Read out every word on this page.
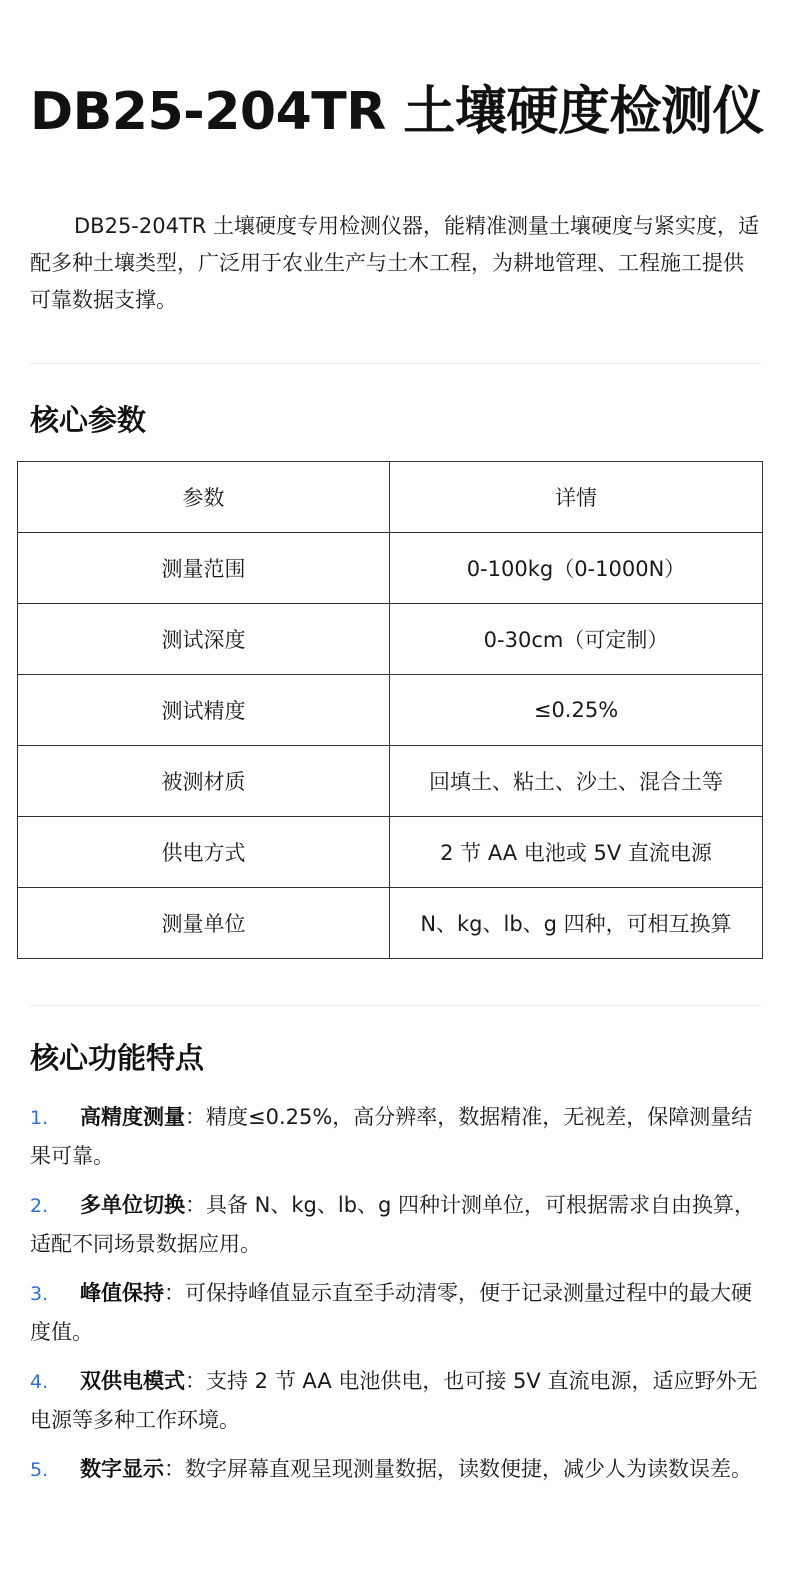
DB25-204TR 土壤硬度检测仪

DB25-204TR 土壤硬度专用检测仪器，能精准测量土壤硬度与紧实度，适配多种土壤类型，广泛用于农业生产与土木工程，为耕地管理、工程施工提供可靠数据支撑。

核心参数
参数	详情
测量范围	0-100kg（0-1000N）
测试深度	0-30cm（可定制）
测试精度	≤0.25%
被测材质	回填土、粘土、沙土、混合土等
供电方式	2 节 AA 电池或 5V 直流电源
测量单位	N、kg、lb、g 四种，可相互换算
核心功能特点
1. 高精度测量：精度≤0.25%，高分辨率，数据精准，无视差，保障测量结果可靠。
2. 多单位切换：具备 N、kg、lb、g 四种计测单位，可根据需求自由换算，适配不同场景数据应用。
3. 峰值保持：可保持峰值显示直至手动清零，便于记录测量过程中的最大硬度值。
4. 双供电模式：支持 2 节 AA 电池供电，也可接 5V 直流电源，适应野外无电源等多种工作环境。
5. 数字显示：数字屏幕直观呈现测量数据，读数便捷，减少人为读数误差。
